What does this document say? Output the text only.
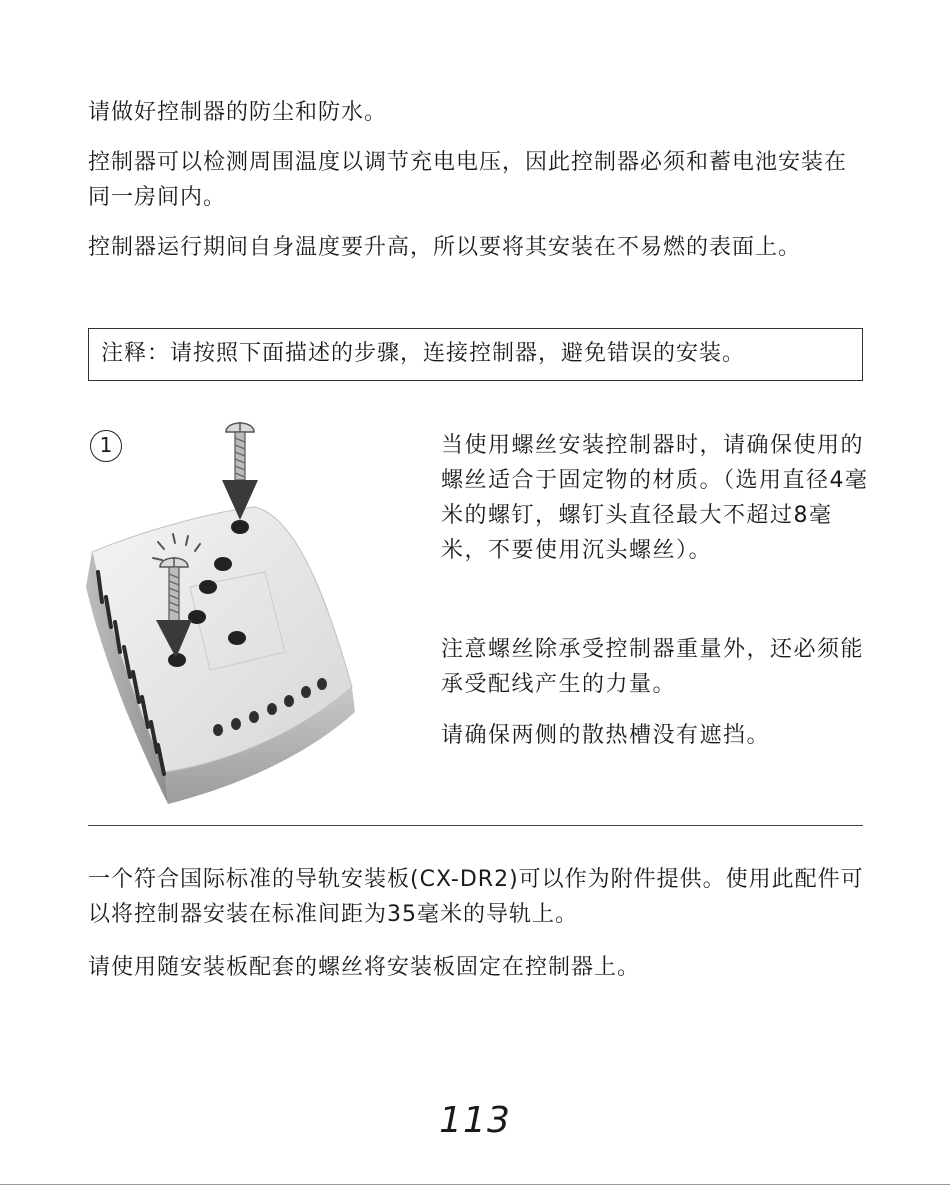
请做好控制器的防尘和防水。

控制器可以检测周围温度以调节充电电压，因此控制器必须和蓄电池安装在同一房间内。

控制器运行期间自身温度要升高，所以要将其安装在不易燃的表面上。

注释：请按照下面描述的步骤，连接控制器，避免错误的安装。
1	当使用螺丝安装控制器时，请确保使用的螺丝适合于固定物的材质。（选用直径4毫米的螺钉，螺钉头直径最大不超过8毫米，不要使用沉头螺丝）。

注意螺丝除承受控制器重量外，还必须能承受配线产生的力量。

请确保两侧的散热槽没有遮挡。

一个符合国际标准的导轨安装板(CX-DR2)可以作为附件提供。使用此配件可以将控制器安装在标准间距为35毫米的导轨上。

请使用随安装板配套的螺丝将安装板固定在控制器上。

113
